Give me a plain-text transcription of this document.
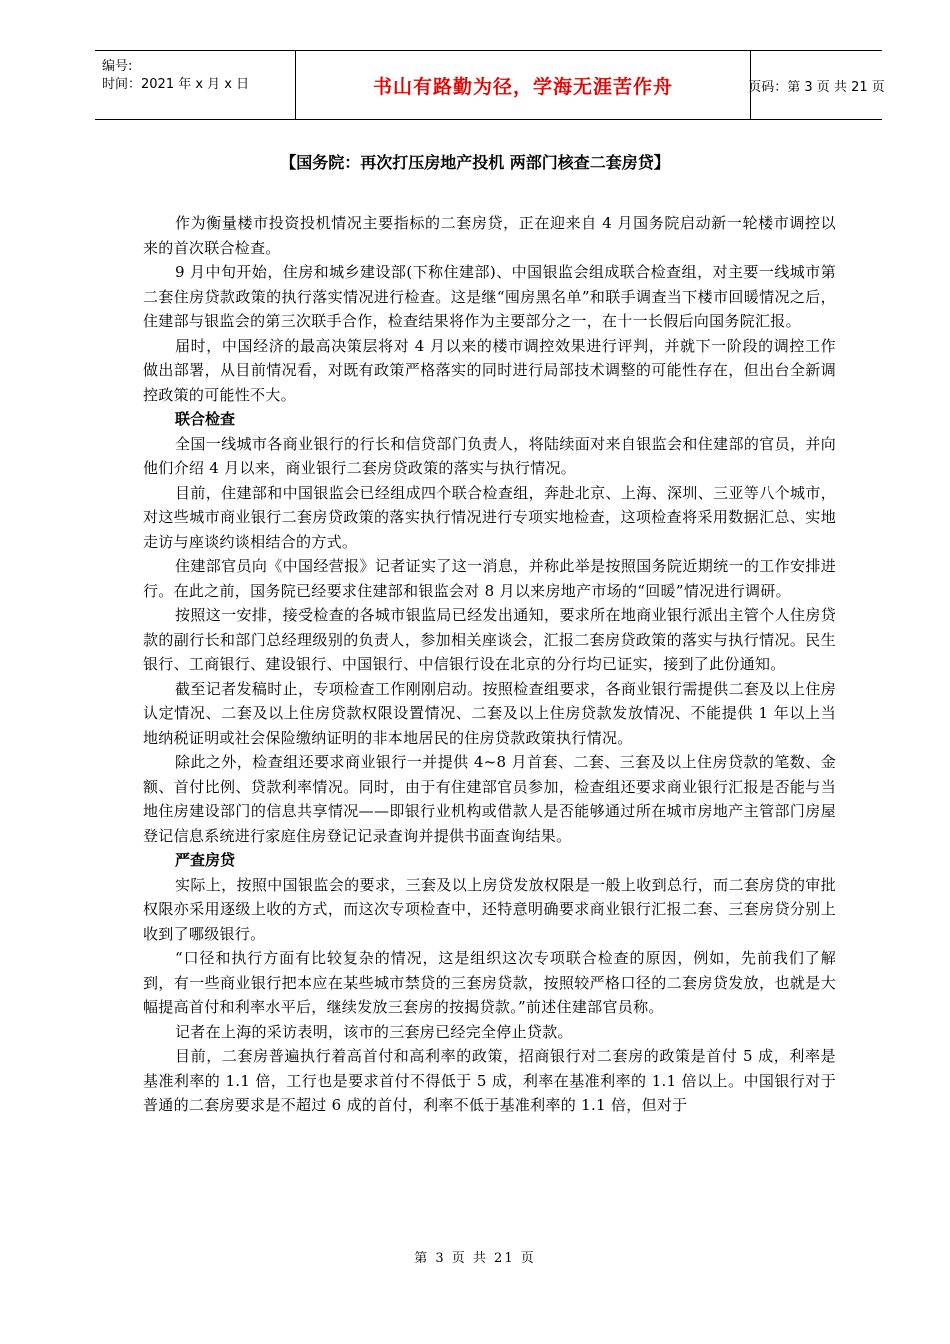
编号:
时间：2021 年 x 月 x 日	书山有路勤为径，学海无涯苦作舟	页码：第 3 页 共 21 页
【国务院：再次打压房地产投机 两部门核查二套房贷】

作为衡量楼市投资投机情况主要指标的二套房贷，正在迎来自 4 月国务院启动新一轮楼市调控以来的首次联合检查。

9 月中旬开始，住房和城乡建设部(下称住建部)、中国银监会组成联合检查组，对主要一线城市第二套住房贷款政策的执行落实情况进行检查。这是继“囤房黑名单”和联手调查当下楼市回暖情况之后，住建部与银监会的第三次联手合作，检查结果将作为主要部分之一，在十一长假后向国务院汇报。

届时，中国经济的最高决策层将对 4 月以来的楼市调控效果进行评判，并就下一阶段的调控工作做出部署，从目前情况看，对既有政策严格落实的同时进行局部技术调整的可能性存在，但出台全新调控政策的可能性不大。

联合检查

全国一线城市各商业银行的行长和信贷部门负责人，将陆续面对来自银监会和住建部的官员，并向他们介绍 4 月以来，商业银行二套房贷政策的落实与执行情况。

目前，住建部和中国银监会已经组成四个联合检查组，奔赴北京、上海、深圳、三亚等八个城市，对这些城市商业银行二套房贷政策的落实执行情况进行专项实地检查，这项检查将采用数据汇总、实地走访与座谈约谈相结合的方式。

住建部官员向《中国经营报》记者证实了这一消息，并称此举是按照国务院近期统一的工作安排进行。在此之前，国务院已经要求住建部和银监会对 8 月以来房地产市场的“回暖”情况进行调研。

按照这一安排，接受检查的各城市银监局已经发出通知，要求所在地商业银行派出主管个人住房贷款的副行长和部门总经理级别的负责人，参加相关座谈会，汇报二套房贷政策的落实与执行情况。民生银行、工商银行、建设银行、中国银行、中信银行设在北京的分行均已证实，接到了此份通知。

截至记者发稿时止，专项检查工作刚刚启动。按照检查组要求，各商业银行需提供二套及以上住房认定情况、二套及以上住房贷款权限设置情况、二套及以上住房贷款发放情况、不能提供 1 年以上当地纳税证明或社会保险缴纳证明的非本地居民的住房贷款政策执行情况。

除此之外，检查组还要求商业银行一并提供 4~8 月首套、二套、三套及以上住房贷款的笔数、金额、首付比例、贷款利率情况。同时，由于有住建部官员参加，检查组还要求商业银行汇报是否能与当地住房建设部门的信息共享情况——即银行业机构或借款人是否能够通过所在城市房地产主管部门房屋登记信息系统进行家庭住房登记记录查询并提供书面查询结果。

严查房贷

实际上，按照中国银监会的要求，三套及以上房贷发放权限是一般上收到总行，而二套房贷的审批权限亦采用逐级上收的方式，而这次专项检查中，还特意明确要求商业银行汇报二套、三套房贷分别上收到了哪级银行。

“口径和执行方面有比较复杂的情况，这是组织这次专项联合检查的原因，例如，先前我们了解到，有一些商业银行把本应在某些城市禁贷的三套房贷款，按照较严格口径的二套房贷发放，也就是大幅提高首付和利率水平后，继续发放三套房的按揭贷款。”前述住建部官员称。

记者在上海的采访表明，该市的三套房已经完全停止贷款。

目前，二套房普遍执行着高首付和高利率的政策，招商银行对二套房的政策是首付 5 成，利率是基准利率的 1.1 倍，工行也是要求首付不得低于 5 成，利率在基准利率的 1.1 倍以上。中国银行对于普通的二套房要求是不超过 6 成的首付，利率不低于基准利率的 1.1 倍，但对于

第 3 页 共 21 页
